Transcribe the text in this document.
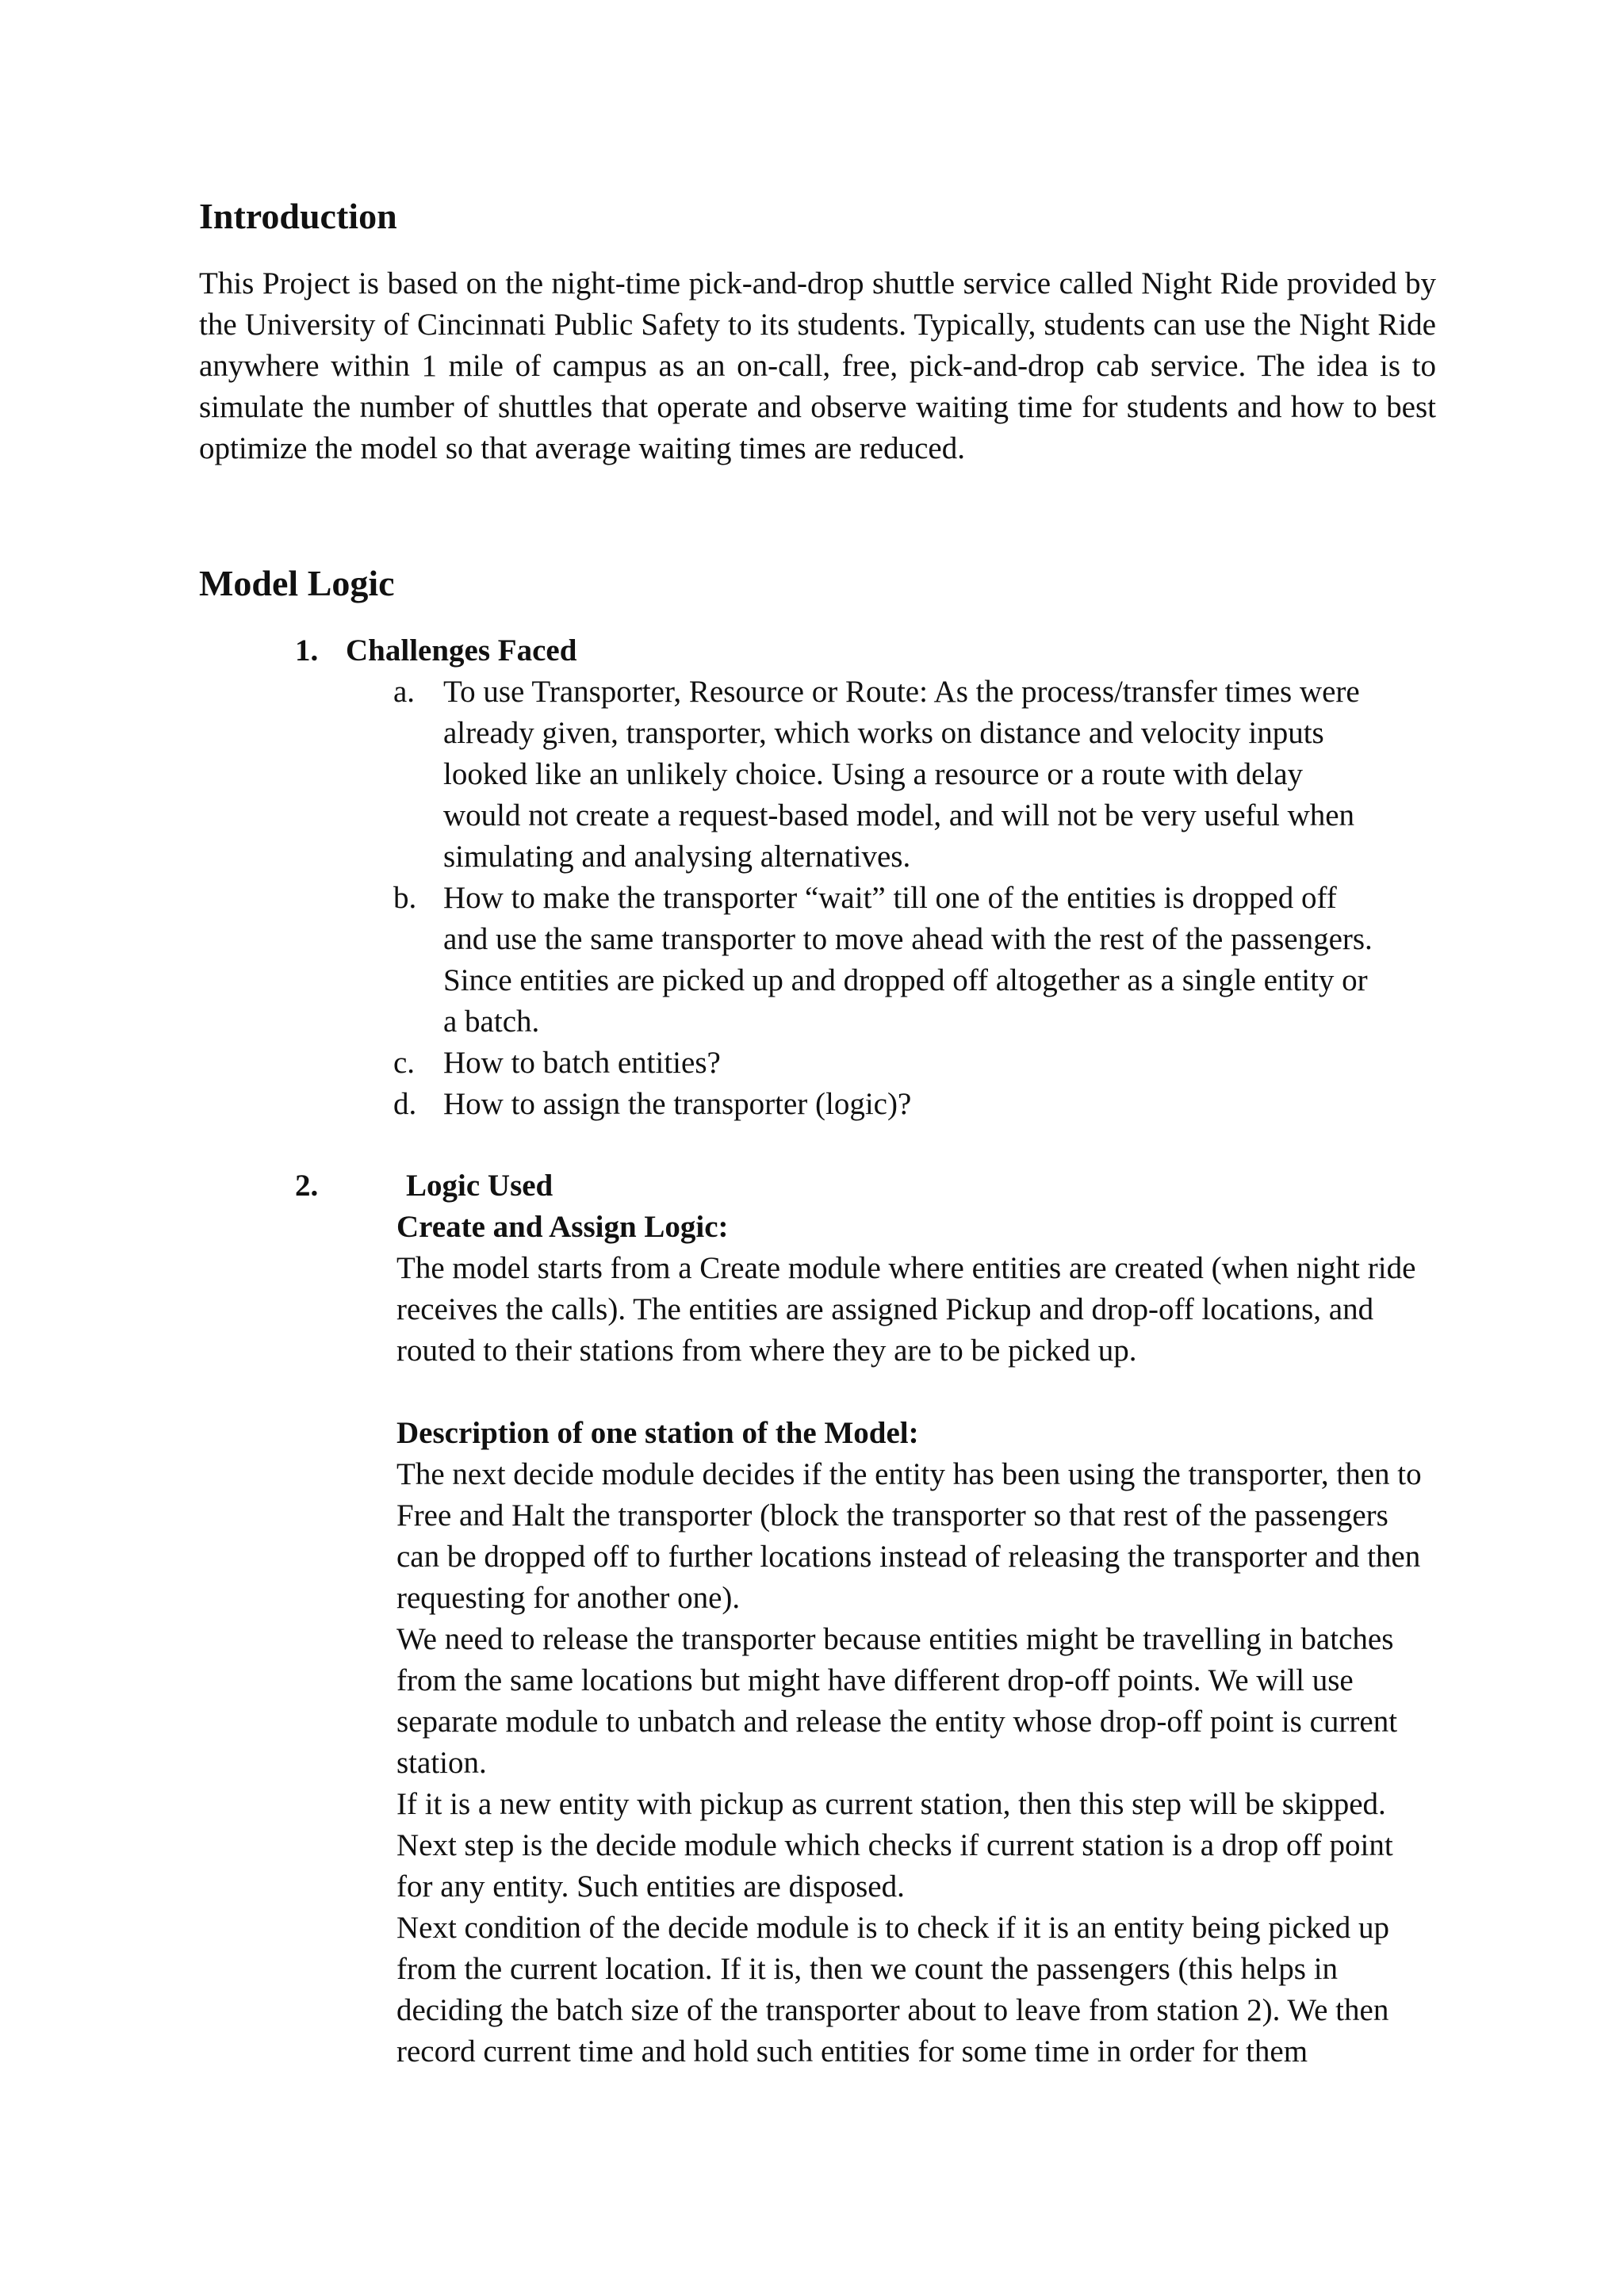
Introduction

This Project is based on the night-time pick-and-drop shuttle service called Night Ride provided by the University of Cincinnati Public Safety to its students. Typically, students can use the Night Ride anywhere within 1 mile of campus as an on-call, free, pick-and-drop cab service. The idea is to simulate the number of shuttles that operate and observe waiting time for students and how to best optimize the model so that average waiting times are reduced.

Model Logic
1. Challenges Faced

a. To use Transporter, Resource or Route: As the process/transfer times were already given, transporter, which works on distance and velocity inputs looked like an unlikely choice. Using a resource or a route with delay would not create a request-based model, and will not be very useful when simulating and analysing alternatives.
b. How to make the transporter “wait” till one of the entities is dropped off and use the same transporter to move ahead with the rest of the passengers. Since entities are picked up and dropped off altogether as a single entity or a batch.
c. How to batch entities?
d. How to assign the transporter (logic)?
2.	Logic Used

Create and Assign Logic:

The model starts from a Create module where entities are created (when night ride receives the calls). The entities are assigned Pickup and drop-off locations, and routed to their stations from where they are to be picked up.

Description of one station of the Model:

The next decide module decides if the entity has been using the transporter, then to Free and Halt the transporter (block the transporter so that rest of the passengers can be dropped off to further locations instead of releasing the transporter and then requesting for another one).

We need to release the transporter because entities might be travelling in batches from the same locations but might have different drop-off points. We will use separate module to unbatch and release the entity whose drop-off point is current station.

If it is a new entity with pickup as current station, then this step will be skipped. Next step is the decide module which checks if current station is a drop off point for any entity. Such entities are disposed.

Next condition of the decide module is to check if it is an entity being picked up from the current location. If it is, then we count the passengers (this helps in deciding the batch size of the transporter about to leave from station 2). We then record current time and hold such entities for some time in order for them
